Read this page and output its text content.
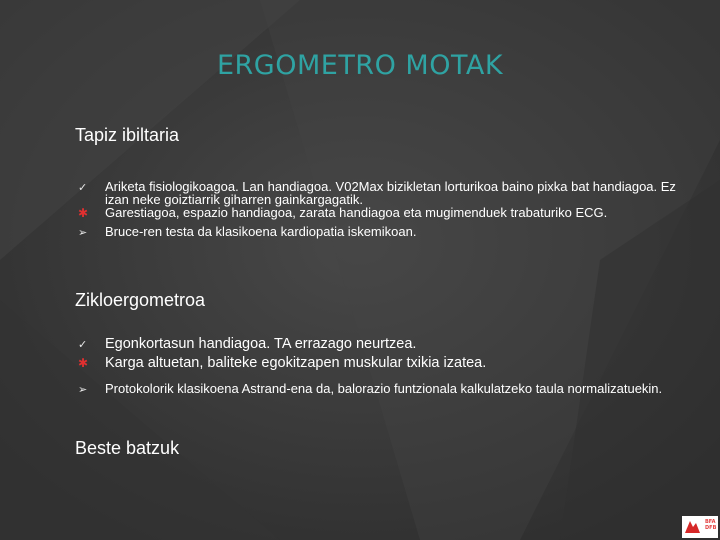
ERGOMETRO MOTAK
Tapiz ibiltaria
✓	Ariketa fisiologikoagoa. Lan handiagoa. V02Max bizikletan lorturikoa baino pixka bat handiagoa. Ez izan neke goiztiarrik giharren gainkargagatik.
✱	Garestiagoa, espazio handiagoa, zarata handiagoa eta mugimenduek trabaturiko ECG.
➢	Bruce-ren testa da klasikoena kardiopatia iskemikoan.
Zikloergometroa
✓	Egonkortasun handiagoa. TA errazago neurtzea.
✱	Karga altuetan, baliteke egokitzapen muskular txikia izatea.
➢	Protokolorik klasikoena Astrand-ena da, balorazio funtzionala kalkulatzeko taula normalizatuekin.
Beste batzuk
BFA
DFB
